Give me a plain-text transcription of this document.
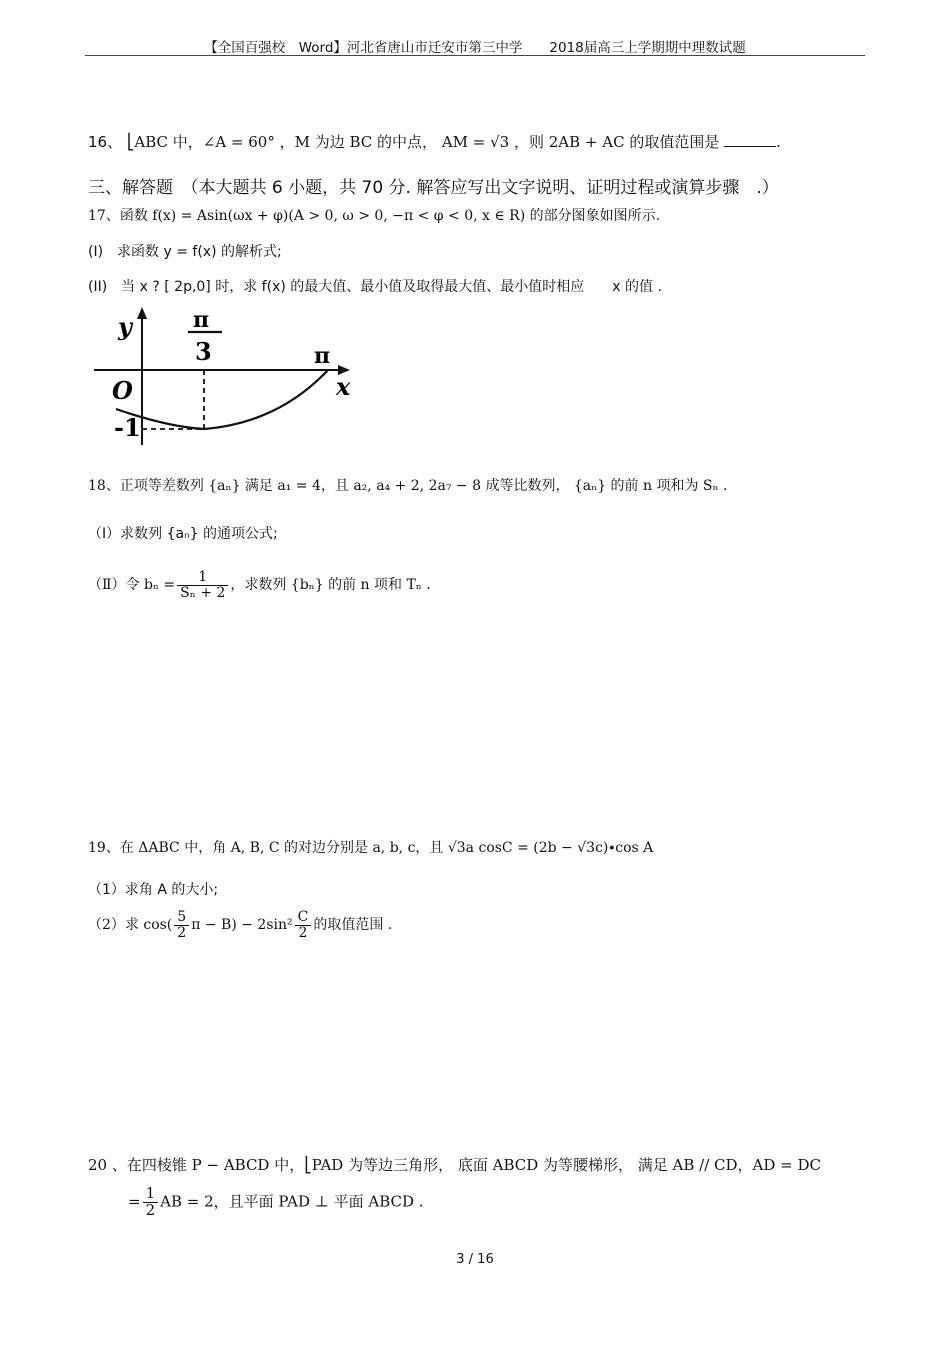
【全国百强校　Word】河北省唐山市迁安市第三中学　　2018届高三上学期期中理数试题
16、 ⎣ABC 中，∠A = 60° ，M 为边 BC 的中点， AM = √3 ，则 2AB + AC 的取值范围是	.
三、解答题　（本大题共 6 小题，共 70 分. 解答应写出文字说明、证明过程或演算步骤　.）
17、函数 f(x) = Asin(ωx + φ)(A > 0, ω > 0, −π < φ < 0, x ∈ R) 的部分图象如图所示.
(I)　求函数 y = f(x) 的解析式;
(II)　当 x ? [ 2p,0] 时，求 f(x) 的最大值、最小值及取得最大值、最小值时相应　　x 的值 .
y
x
O
π
3	π
-1
18、正项等差数列 {aₙ} 满足 a₁ = 4，且 a₂, a₄ + 2, 2a₇ − 8 成等比数列， {aₙ} 的前 n 项和为 Sₙ .
（Ⅰ）求数列 {aₙ} 的通项公式;
（Ⅱ）令 $b_n = \frac{1}{\text{Sₙ + 2}}$ ，求数列 {bₙ} 的前 n 项和 Tₙ .
19、在 ΔABC 中，角 A, B, C 的对边分别是 a, b, c，且 √3a cosC = (2b − √3c)∙cos A
（1）求角 A 的大小;
（2）求 $\cos( \frac{5}{2}$ $\pi - B) - 2\sin^2 \frac{C}{2}$ 的取值范围 .
20 、在四棱锥 P − ABCD 中，⎣PAD 为等边三角形， 底面 ABCD 为等腰梯形， 满足 AB // CD，AD = DC
= $\frac{1}{2}$ AB = 2，且平面 PAD ⊥ 平面 ABCD .
3 / 16
